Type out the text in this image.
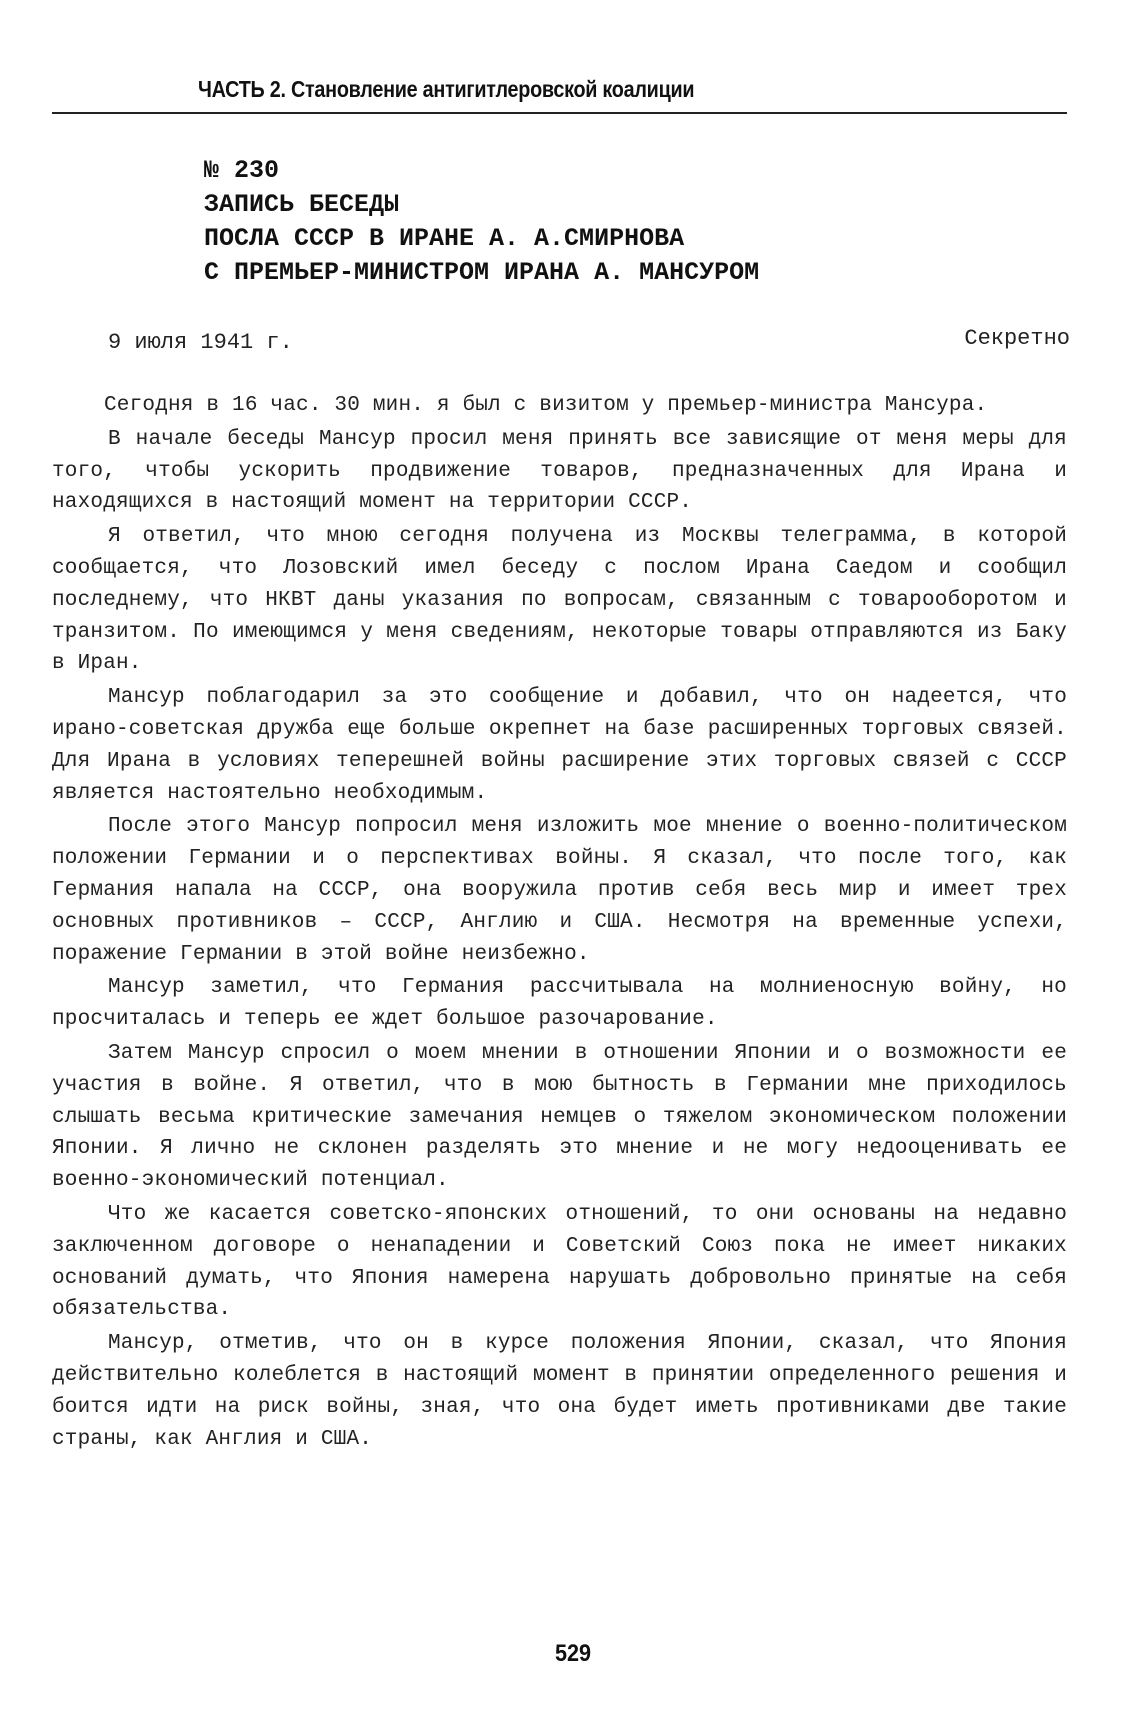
ЧАСТЬ 2. Становление антигитлеровской коалиции
№ 230
ЗАПИСЬ БЕСЕДЫ
ПОСЛА СССР В ИРАНЕ А. А.СМИРНОВА
С ПРЕМЬЕР-МИНИСТРОМ ИРАНА А. МАНСУРОМ
9 июля 1941 г.	Секретно

Сегодня в 16 час. 30 мин. я был с визитом у премьер-министра Мансура.

В начале беседы Мансур просил меня принять все зависящие от меня меры для того, чтобы ускорить продвижение товаров, предназначенных для Ирана и находящихся в настоящий момент на территории СССР.

Я ответил, что мною сегодня получена из Москвы телеграмма, в которой сообщается, что Лозовский имел беседу с послом Ирана Саедом и сообщил последнему, что НКВТ даны указания по вопросам, связанным с товарооборотом и транзитом. По имеющимся у меня сведениям, некоторые товары отправляются из Баку в Иран.

Мансур поблагодарил за это сообщение и добавил, что он надеется, что ирано-советская дружба еще больше окрепнет на базе расширенных торговых связей. Для Ирана в условиях теперешней войны расширение этих торговых связей с СССР является настоятельно необходимым.

После этого Мансур попросил меня изложить мое мнение о военно-политическом положении Германии и о перспективах войны. Я сказал, что после того, как Германия напала на СССР, она вооружила против себя весь мир и имеет трех основных противников – СССР, Англию и США. Несмотря на временные успехи, поражение Германии в этой войне неизбежно.

Мансур заметил, что Германия рассчитывала на молниеносную войну, но просчиталась и теперь ее ждет большое разочарование.

Затем Мансур спросил о моем мнении в отношении Японии и о возможности ее участия в войне. Я ответил, что в мою бытность в Германии мне приходилось слышать весьма критические замечания немцев о тяжелом экономическом положении Японии. Я лично не склонен разделять это мнение и не могу недооценивать ее военно-экономический потенциал.

Что же касается советско-японских отношений, то они основаны на недавно заключенном договоре о ненападении и Советский Союз пока не имеет никаких оснований думать, что Япония намерена нарушать добровольно принятые на себя обязательства.

Мансур, отметив, что он в курсе положения Японии, сказал, что Япония действительно колеблется в настоящий момент в принятии определенного решения и боится идти на риск войны, зная, что она будет иметь противниками две такие страны, как Англия и США.

529
